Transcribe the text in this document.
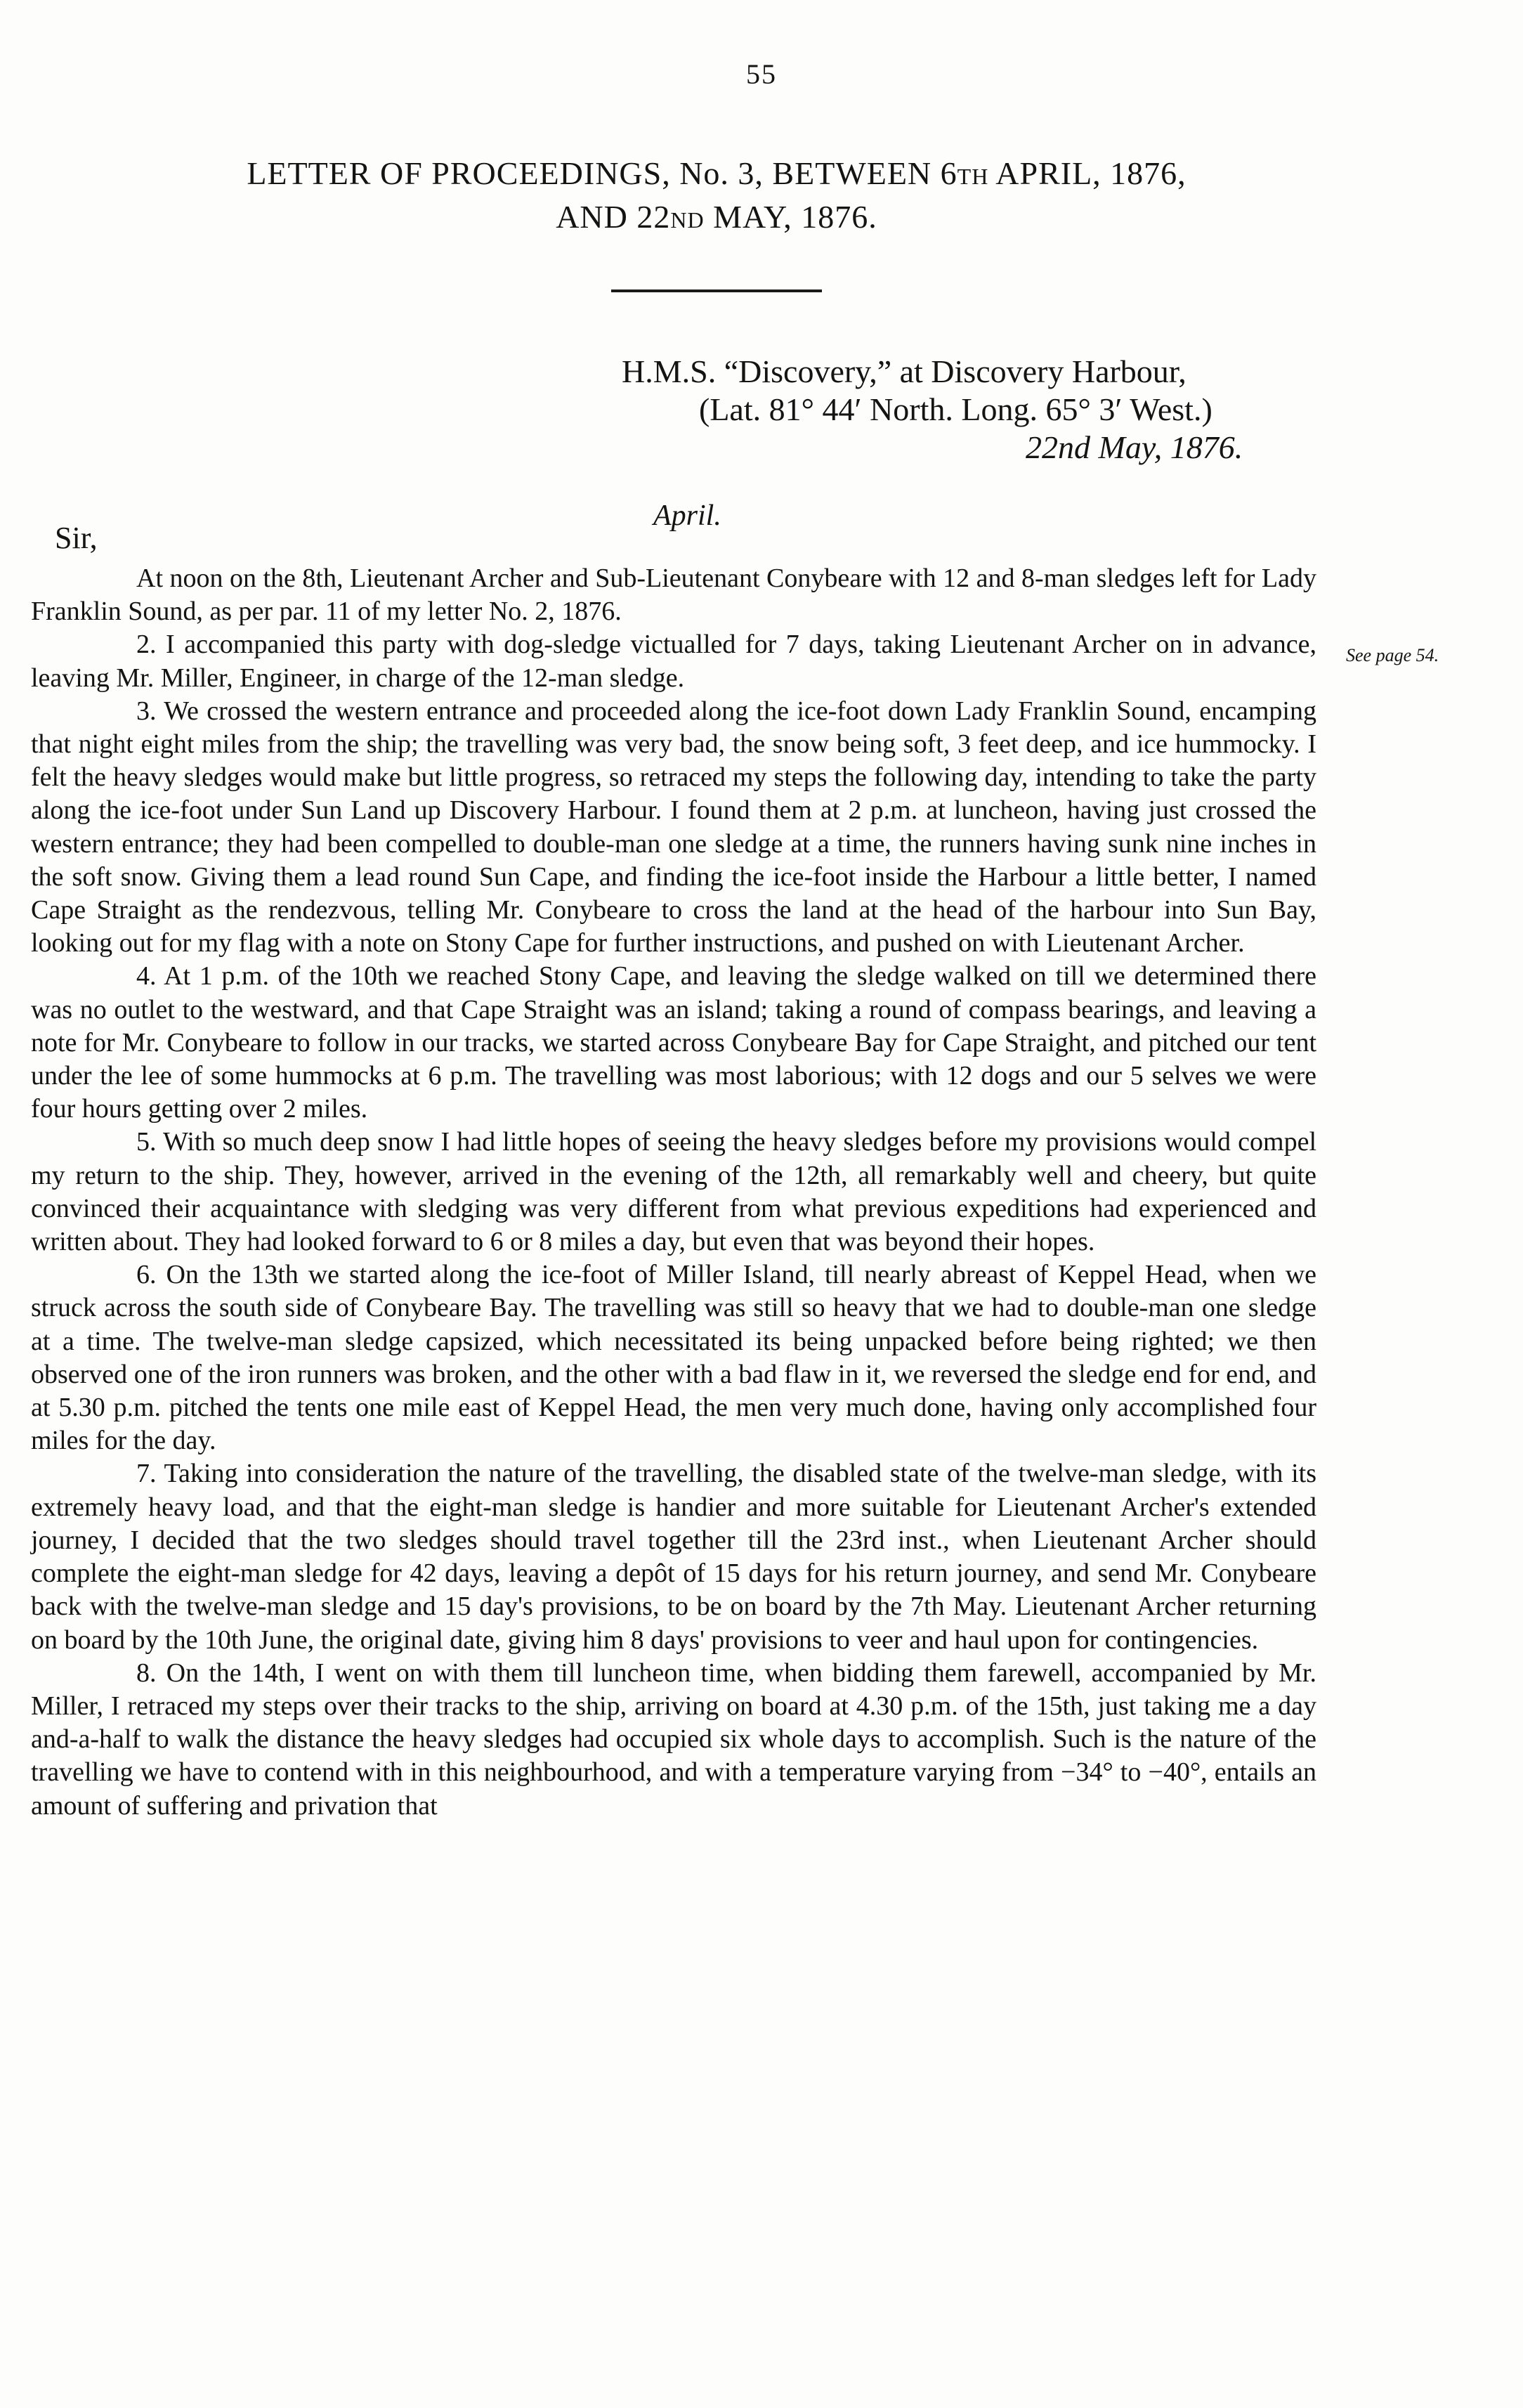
55
LETTER OF PROCEEDINGS, No. 3, BETWEEN 6TH APRIL, 1876,
AND 22ND MAY, 1876.
H.M.S. “Discovery,” at Discovery Harbour,
(Lat. 81° 44′ North. Long. 65° 3′ West.)
22nd May, 1876.
April.
Sir,
See page 54.

At noon on the 8th, Lieutenant Archer and Sub-Lieutenant Conybeare with 12 and 8-man sledges left for Lady Franklin Sound, as per par. 11 of my letter No. 2, 1876.

2. I accompanied this party with dog-sledge victualled for 7 days, taking Lieutenant Archer on in advance, leaving Mr. Miller, Engineer, in charge of the 12-man sledge.

3. We crossed the western entrance and proceeded along the ice-foot down Lady Franklin Sound, encamping that night eight miles from the ship; the travelling was very bad, the snow being soft, 3 feet deep, and ice hummocky. I felt the heavy sledges would make but little progress, so retraced my steps the following day, intending to take the party along the ice-foot under Sun Land up Discovery Harbour. I found them at 2 p.m. at luncheon, having just crossed the western entrance; they had been compelled to double-man one sledge at a time, the runners having sunk nine inches in the soft snow. Giving them a lead round Sun Cape, and finding the ice-foot inside the Harbour a little better, I named Cape Straight as the rendezvous, telling Mr. Conybeare to cross the land at the head of the harbour into Sun Bay, looking out for my flag with a note on Stony Cape for further instructions, and pushed on with Lieutenant Archer.

4. At 1 p.m. of the 10th we reached Stony Cape, and leaving the sledge walked on till we determined there was no outlet to the westward, and that Cape Straight was an island; taking a round of compass bearings, and leaving a note for Mr. Conybeare to follow in our tracks, we started across Conybeare Bay for Cape Straight, and pitched our tent under the lee of some hummocks at 6 p.m. The travelling was most laborious; with 12 dogs and our 5 selves we were four hours getting over 2 miles.

5. With so much deep snow I had little hopes of seeing the heavy sledges before my provisions would compel my return to the ship. They, however, arrived in the evening of the 12th, all remarkably well and cheery, but quite convinced their acquaintance with sledging was very different from what previous expeditions had experienced and written about. They had looked forward to 6 or 8 miles a day, but even that was beyond their hopes.

6. On the 13th we started along the ice-foot of Miller Island, till nearly abreast of Keppel Head, when we struck across the south side of Conybeare Bay. The travelling was still so heavy that we had to double-man one sledge at a time. The twelve-man sledge capsized, which necessitated its being unpacked before being righted; we then observed one of the iron runners was broken, and the other with a bad flaw in it, we reversed the sledge end for end, and at 5.30 p.m. pitched the tents one mile east of Keppel Head, the men very much done, having only accomplished four miles for the day.

7. Taking into consideration the nature of the travelling, the disabled state of the twelve-man sledge, with its extremely heavy load, and that the eight-man sledge is handier and more suitable for Lieutenant Archer's extended journey, I decided that the two sledges should travel together till the 23rd inst., when Lieutenant Archer should complete the eight-man sledge for 42 days, leaving a depôt of 15 days for his return journey, and send Mr. Conybeare back with the twelve-man sledge and 15 day's provisions, to be on board by the 7th May. Lieutenant Archer returning on board by the 10th June, the original date, giving him 8 days' provisions to veer and haul upon for contingencies.

8. On the 14th, I went on with them till luncheon time, when bidding them farewell, accompanied by Mr. Miller, I retraced my steps over their tracks to the ship, arriving on board at 4.30 p.m. of the 15th, just taking me a day and-a-half to walk the distance the heavy sledges had occupied six whole days to accomplish. Such is the nature of the travelling we have to contend with in this neighbourhood, and with a temperature varying from −34° to −40°, entails an amount of suffering and privation that
